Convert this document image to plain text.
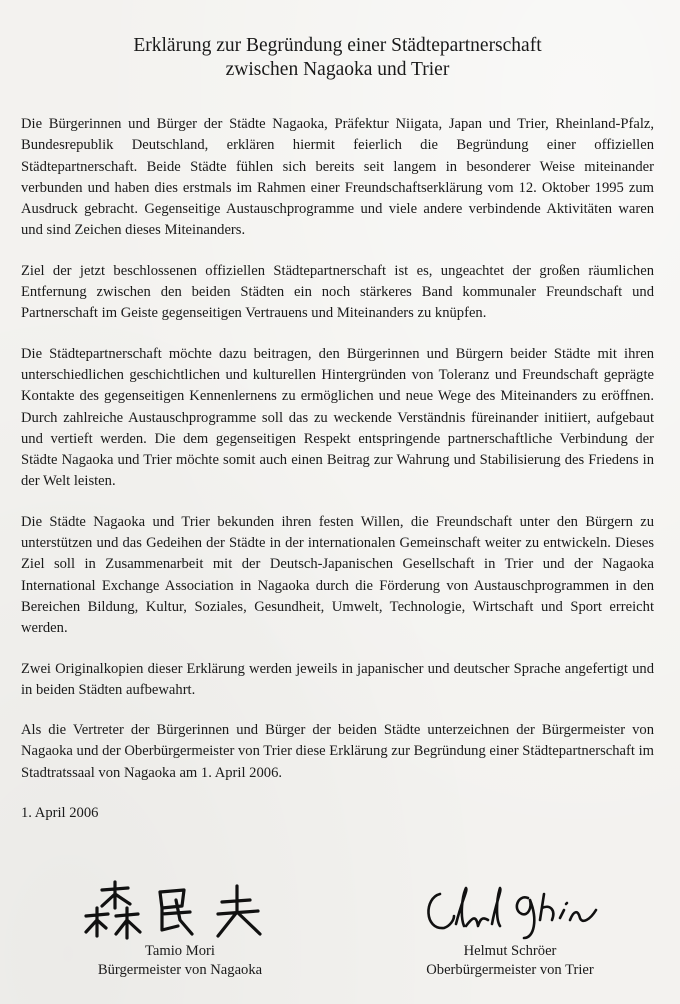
Erklärung zur Begründung einer Städtepartnerschaft
zwischen Nagaoka und Trier

Die Bürgerinnen und Bürger der Städte Nagaoka, Präfektur Niigata, Japan und Trier, Rheinland-Pfalz, Bundesrepublik Deutschland, erklären hiermit feierlich die Begründung einer offiziellen Städtepartnerschaft. Beide Städte fühlen sich bereits seit langem in besonderer Weise miteinander verbunden und haben dies erstmals im Rahmen einer Freundschaftserklärung vom 12. Oktober 1995 zum Ausdruck gebracht. Gegenseitige Austauschprogramme und viele andere verbindende Aktivitäten waren und sind Zeichen dieses Miteinanders.

Ziel der jetzt beschlossenen offiziellen Städtepartnerschaft ist es, ungeachtet der großen räumlichen Entfernung zwischen den beiden Städten ein noch stärkeres Band kommunaler Freundschaft und Partnerschaft im Geiste gegenseitigen Vertrauens und Miteinanders zu knüpfen.

Die Städtepartnerschaft möchte dazu beitragen, den Bürgerinnen und Bürgern beider Städte mit ihren unterschiedlichen geschichtlichen und kulturellen Hintergründen von Toleranz und Freundschaft geprägte Kontakte des gegenseitigen Kennenlernens zu ermöglichen und neue Wege des Miteinanders zu eröffnen. Durch zahlreiche Austauschprogramme soll das zu weckende Verständnis füreinander initiiert, aufgebaut und vertieft werden. Die dem gegenseitigen Respekt entspringende partnerschaftliche Verbindung der Städte Nagaoka und Trier möchte somit auch einen Beitrag zur Wahrung und Stabilisierung des Friedens in der Welt leisten.

Die Städte Nagaoka und Trier bekunden ihren festen Willen, die Freundschaft unter den Bürgern zu unterstützen und das Gedeihen der Städte in der internationalen Gemeinschaft weiter zu entwickeln. Dieses Ziel soll in Zusammenarbeit mit der Deutsch-Japanischen Gesellschaft in Trier und der Nagaoka International Exchange Association in Nagaoka durch die Förderung von Austauschprogrammen in den Bereichen Bildung, Kultur, Soziales, Gesundheit, Umwelt, Technologie, Wirtschaft und Sport erreicht werden.

Zwei Originalkopien dieser Erklärung werden jeweils in japanischer und deutscher Sprache angefertigt und in beiden Städten aufbewahrt.

Als die Vertreter der Bürgerinnen und Bürger der beiden Städte unterzeichnen der Bürgermeister von Nagaoka und der Oberbürgermeister von Trier diese Erklärung zur Begründung einer Städtepartnerschaft im Stadtratssaal von Nagaoka am 1. April 2006.

1. April 2006

Tamio Mori
Bürgermeister von Nagaoka
Helmut Schröer
Oberbürgermeister von Trier
